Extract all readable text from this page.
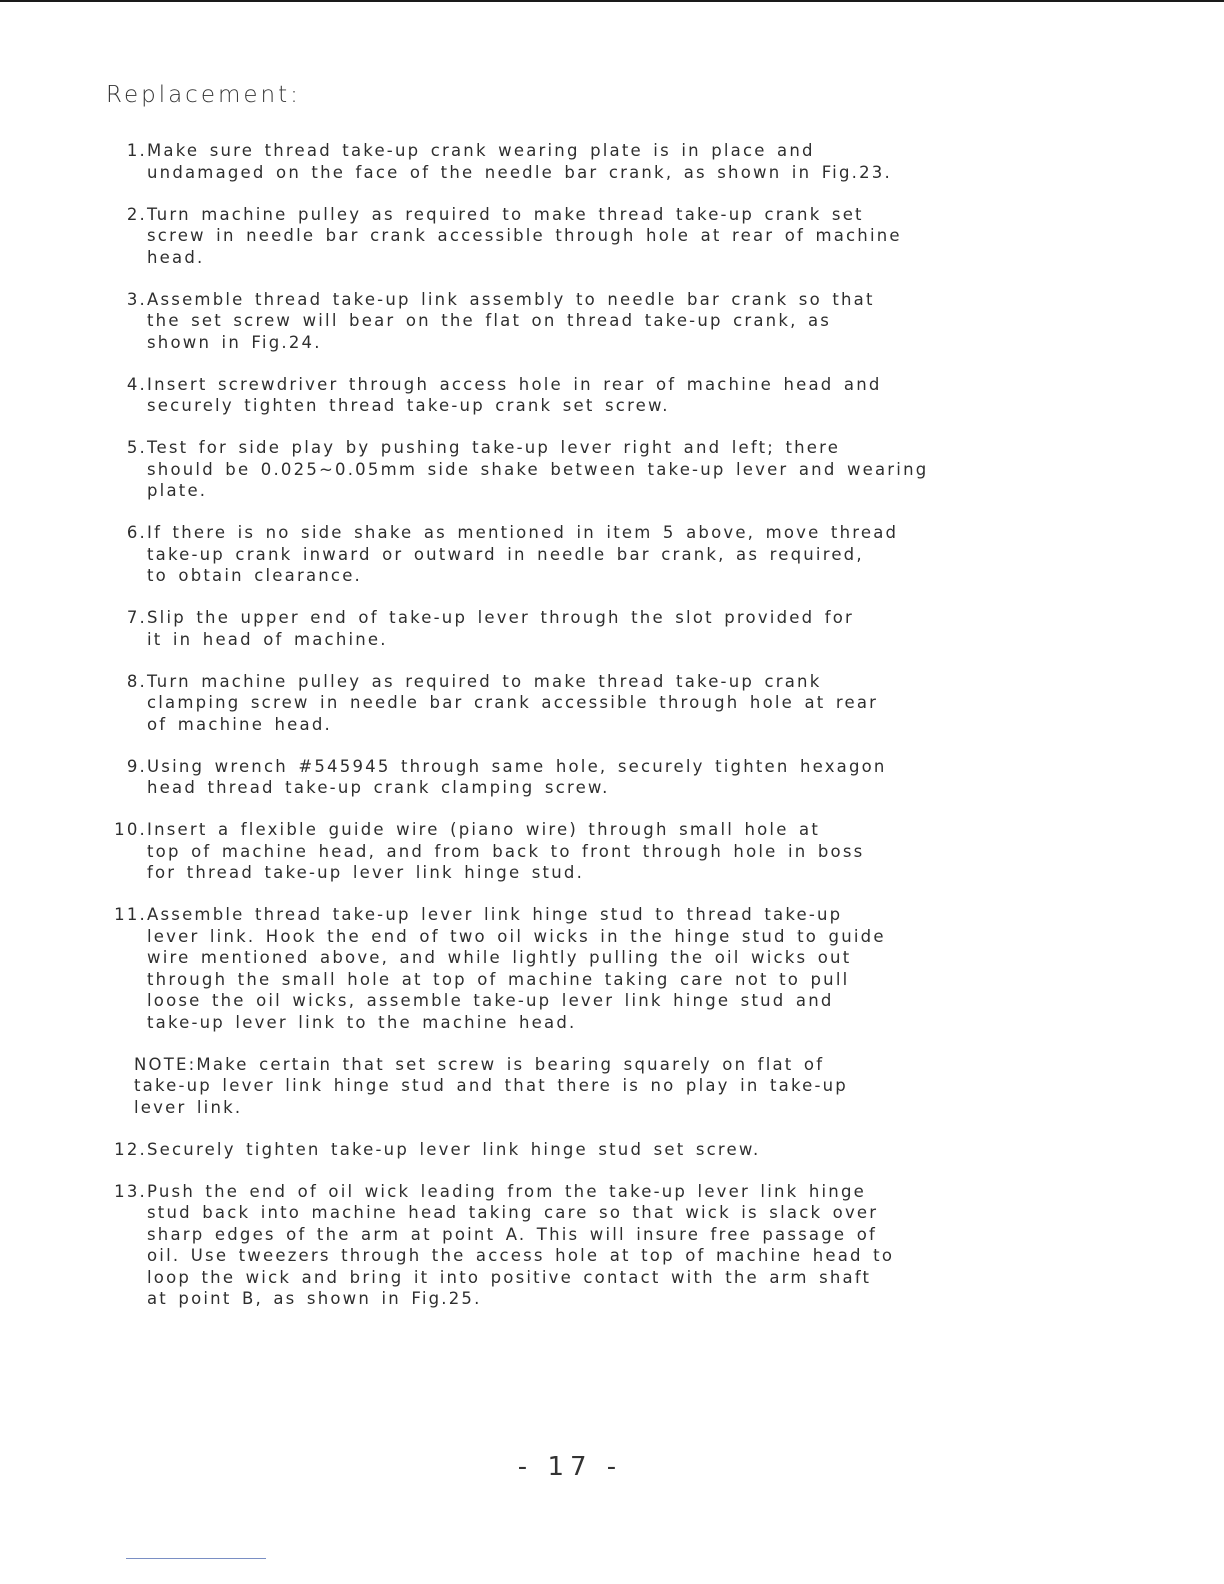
Replacement:
1. Make sure thread take-up crank wearing plate is in place and
undamaged on the face of the needle bar crank, as shown in Fig.23.
2. Turn machine pulley as required to make thread take-up crank set
screw in needle bar crank accessible through hole at rear of machine
head.
3. Assemble thread take-up link assembly to needle bar crank so that
the set screw will bear on the flat on thread take-up crank, as
shown in Fig.24.
4. Insert screwdriver through access hole in rear of machine head and
securely tighten thread take-up crank set screw.
5. Test for side play by pushing take-up lever right and left; there
should be 0.025~0.05mm side shake between take-up lever and wearing
plate.
6. If there is no side shake as mentioned in item 5 above, move thread
take-up crank inward or outward in needle bar crank, as required,
to obtain clearance.
7. Slip the upper end of take-up lever through the slot provided for
it in head of machine.
8. Turn machine pulley as required to make thread take-up crank
clamping screw in needle bar crank accessible through hole at rear
of machine head.
9. Using wrench #545945 through same hole, securely tighten hexagon
head thread take-up crank clamping screw.
10. Insert a flexible guide wire (piano wire) through small hole at
top of machine head, and from back to front through hole in boss
for thread take-up lever link hinge stud.
11. Assemble thread take-up lever link hinge stud to thread take-up
lever link. Hook the end of two oil wicks in the hinge stud to guide
wire mentioned above, and while lightly pulling the oil wicks out
through the small hole at top of machine taking care not to pull
loose the oil wicks, assemble take-up lever link hinge stud and
take-up lever link to the machine head.
NOTE:Make certain that set screw is bearing squarely on flat of
take-up lever link hinge stud and that there is no play in take-up
lever link.
12. Securely tighten take-up lever link hinge stud set screw.
13. Push the end of oil wick leading from the take-up lever link hinge
stud back into machine head taking care so that wick is slack over
sharp edges of the arm at point A. This will insure free passage of
oil. Use tweezers through the access hole at top of machine head to
loop the wick and bring it into positive contact with the arm shaft
at point B, as shown in Fig.25.
- 17 -
